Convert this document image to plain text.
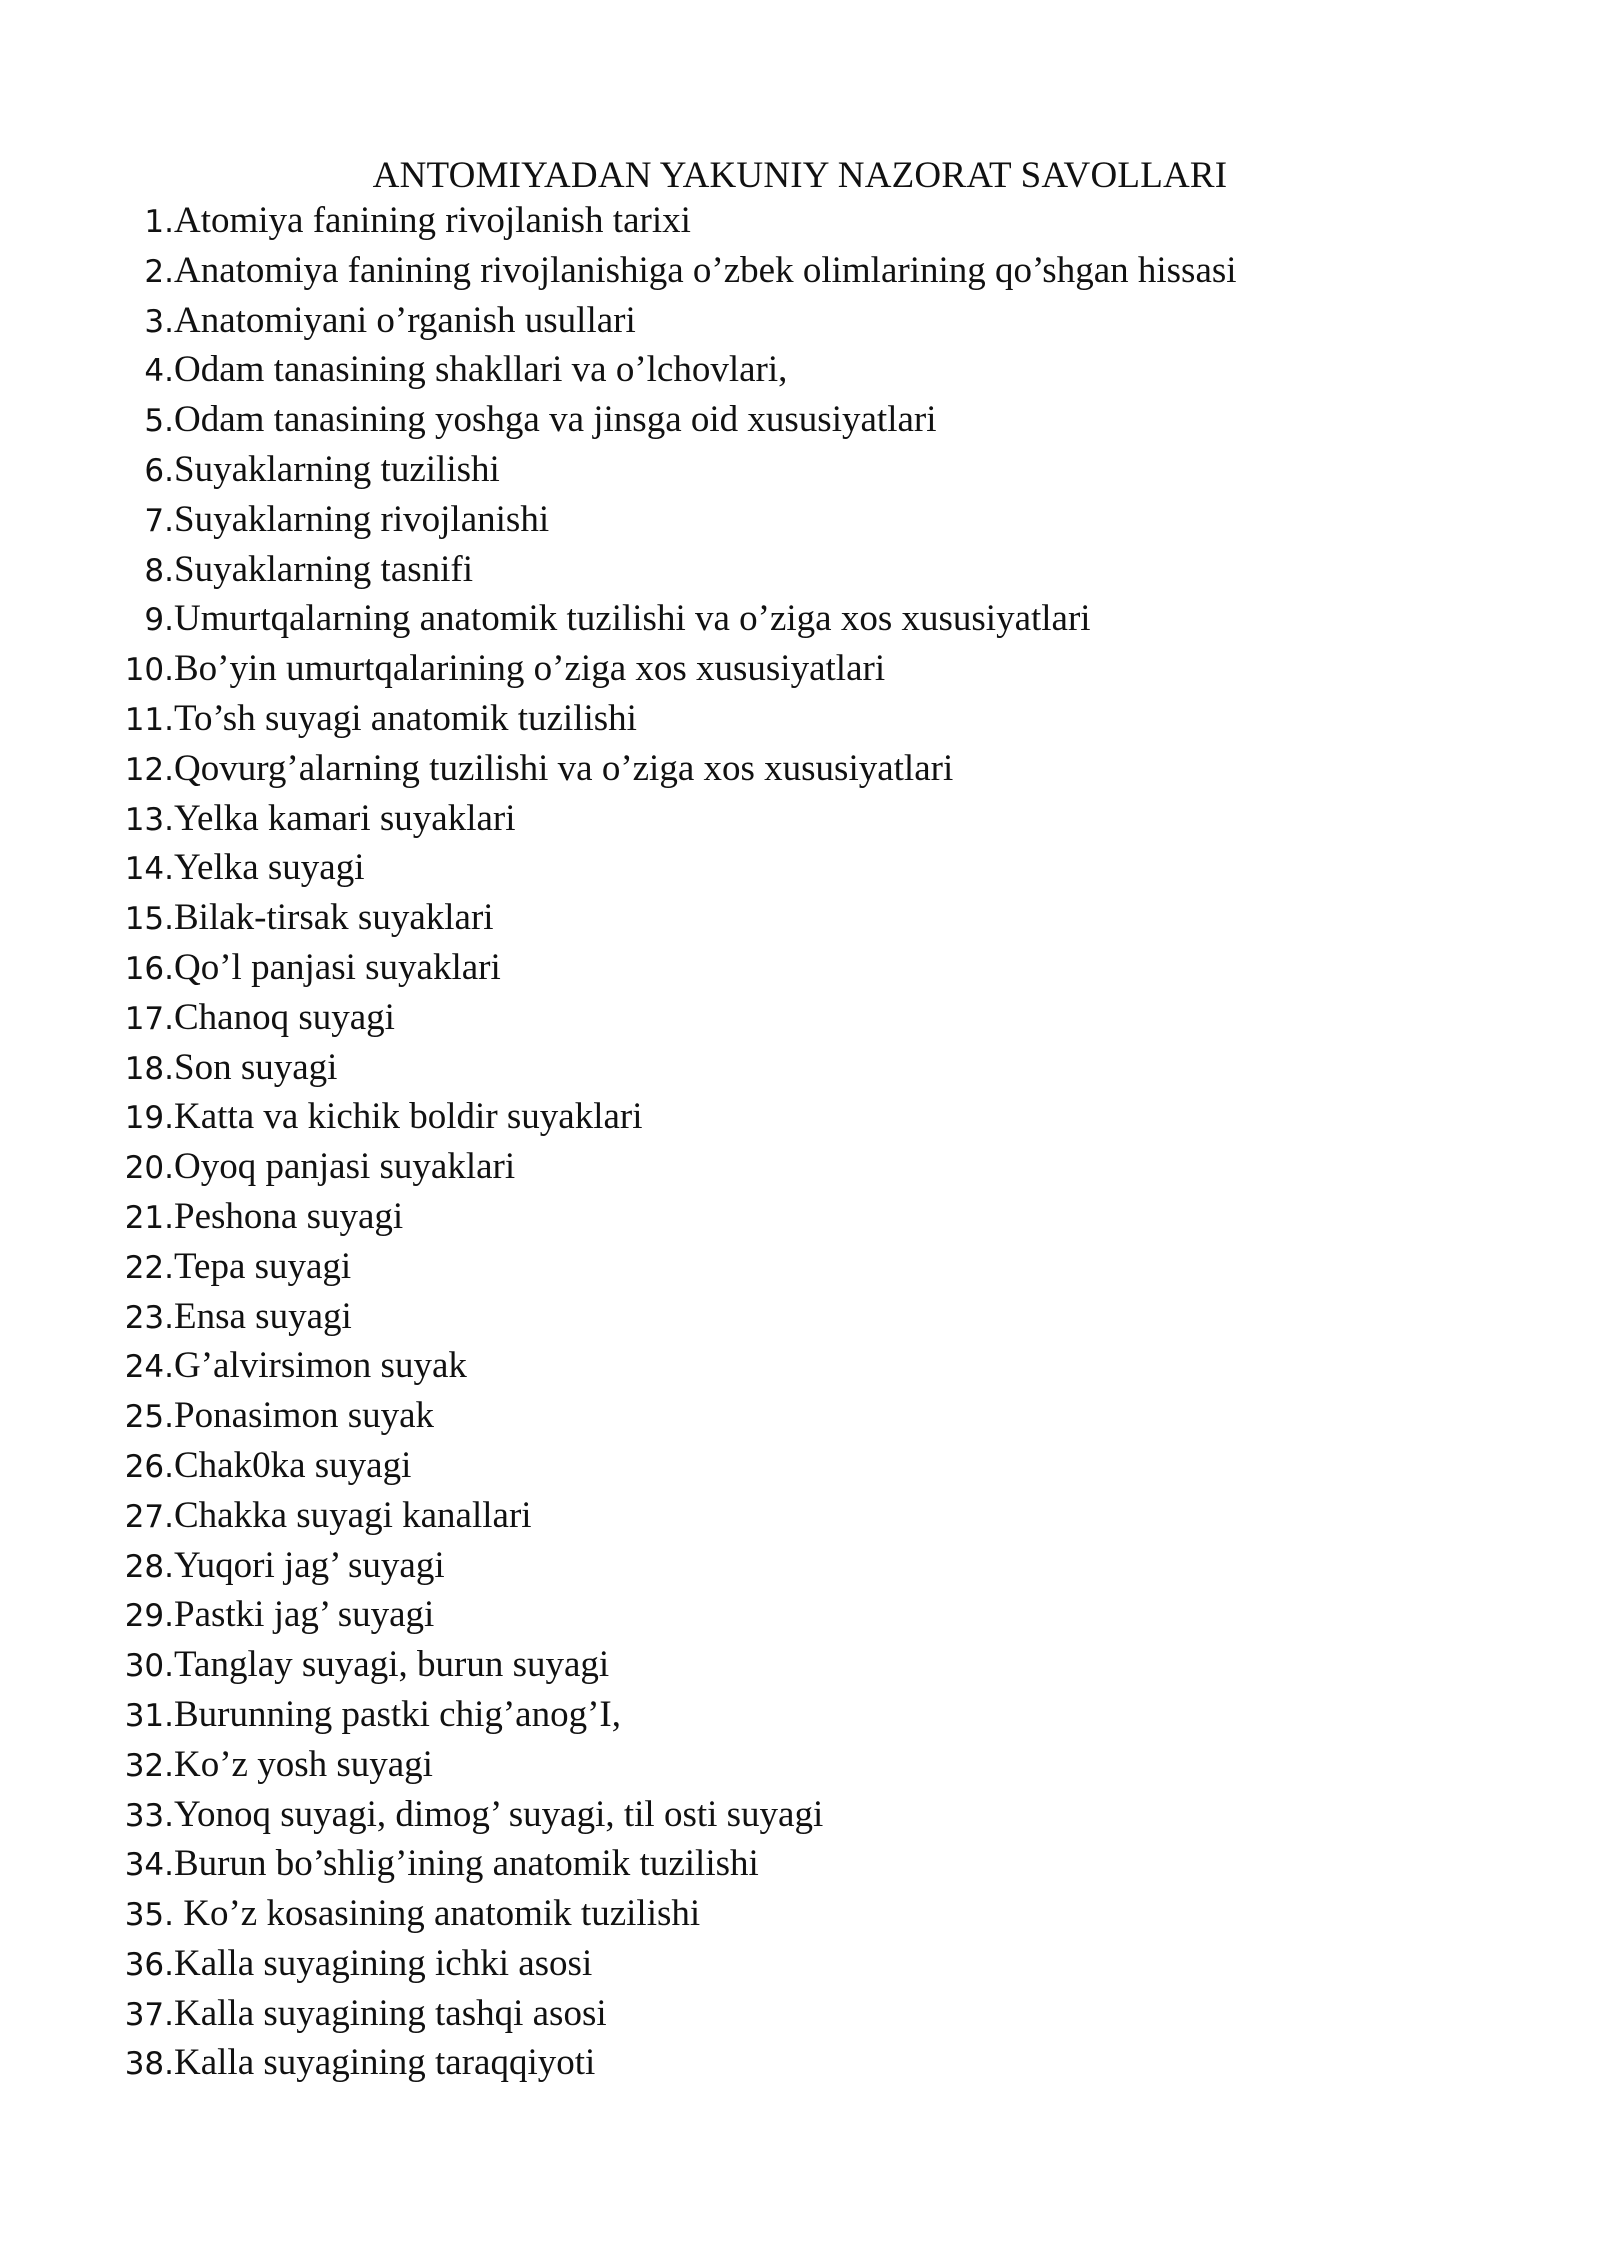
ANTOMIYADAN YAKUNIY NAZORAT SAVOLLARI
1. Atomiya fanining rivojlanish tarixi
2. Anatomiya fanining rivojlanishiga o’zbek olimlarining qo’shgan hissasi
3. Anatomiyani o’rganish usullari
4. Odam tanasining shakllari va o’lchovlari,
5. Odam tanasining yoshga va jinsga oid xususiyatlari
6. Suyaklarning tuzilishi
7. Suyaklarning rivojlanishi
8. Suyaklarning tasnifi
9. Umurtqalarning anatomik tuzilishi va o’ziga xos xususiyatlari
10. Bo’yin umurtqalarining o’ziga xos xususiyatlari
11. To’sh suyagi anatomik tuzilishi
12. Qovurg’alarning tuzilishi va o’ziga xos xususiyatlari
13. Yelka kamari suyaklari
14. Yelka suyagi
15. Bilak-tirsak suyaklari
16. Qo’l panjasi suyaklari
17. Chanoq suyagi
18. Son suyagi
19. Katta va kichik boldir suyaklari
20. Oyoq panjasi suyaklari
21. Peshona suyagi
22. Tepa suyagi
23. Ensa suyagi
24. G’alvirsimon suyak
25. Ponasimon suyak
26. Chak0ka suyagi
27. Chakka suyagi kanallari
28. Yuqori jag’ suyagi
29. Pastki jag’ suyagi
30. Tanglay suyagi, burun suyagi
31. Burunning pastki chig’anog’I,
32. Ko’z yosh suyagi
33. Yonoq suyagi, dimog’ suyagi, til osti suyagi
34. Burun bo’shlig’ining anatomik tuzilishi
35. Ko’z kosasining anatomik tuzilishi
36. Kalla suyagining ichki asosi
37. Kalla suyagining tashqi asosi
38. Kalla suyagining taraqqiyoti
